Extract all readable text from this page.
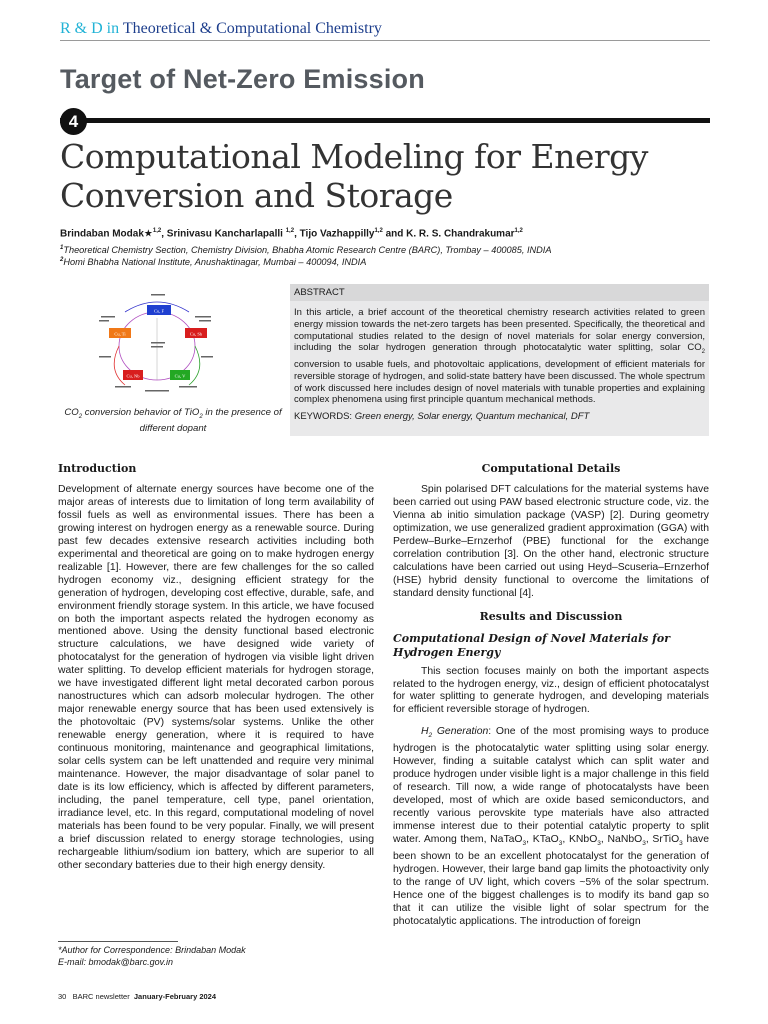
R & D in Theoretical & Computational Chemistry
Target of Net-Zero Emission
4
Computational Modeling for Energy
Conversion and Storage
Brindaban Modak★$^{1,2}$, Srinivasu Kancharlapalli $^{1,2}$, Tijo Vazhappilly$^{1,2}$ and K. R. S. Chandrakumar$^{1,2}$
$^1$Theoretical Chemistry Section, Chemistry Division, Bhabha Atomic Research Centre (BARC), Trombay – 400085, INDIA
$^2$Homi Bhabha National Institute, Anushaktinagar, Mumbai – 400094, INDIA
Cu, F
Cu, Ti	Cu, Sb
Cu, Nb	Cu, V
$CO_2$ conversion behavior of TiO$_2$ in the presence of different dopant
ABSTRACT
In this article, a brief account of the theoretical chemistry research activities related to green energy mission towards the net-zero targets has been presented. Specifically, the theoretical and computational studies related to the design of novel materials for solar energy conversion, including the solar hydrogen generation through photocatalytic water splitting, solar $CO_2$ conversion to usable fuels, and photovoltaic applications, development of efficient materials for reversible storage of hydrogen, and solid-state battery have been discussed. The whole spectrum of work discussed here includes design of novel materials with tunable properties and explaining complex phenomena using first principle quantum mechanical methods.
KEYWORDS: Green energy, Solar energy, Quantum mechanical, DFT
Introduction

Development of alternate energy sources have become one of the major areas of interests due to limitation of long term availability of fossil fuels as well as environmental issues. There has been a growing interest on hydrogen energy as a renewable source. During past few decades extensive research activities including both experimental and theoretical are going on to make hydrogen energy realizable [1]. However, there are few challenges for the so called hydrogen economy viz., designing efficient strategy for the generation of hydrogen, developing cost effective, durable, safe, and environment friendly storage system. In this article, we have focused on both the important aspects related the hydrogen economy as mentioned above. Using the density functional based electronic structure calculations, we have designed wide variety of photocatalyst for the generation of hydrogen via visible light driven water splitting. To develop efficient materials for hydrogen storage, we have investigated different light metal decorated carbon porous nanostructures which can adsorb molecular hydrogen. The other major renewable energy source that has been used extensively is the photovoltaic (PV) systems/solar systems. Unlike the other renewable energy generation, where it is required to have continuous monitoring, maintenance and geographical limitations, solar cells system can be left unattended and require very minimal maintenance. However, the major disadvantage of solar panel to date is its low efficiency, which is affected by different parameters, including, the panel temperature, cell type, panel orientation, irradiance level, etc. In this regard, computational modeling of novel materials has been found to be very popular. Finally, we will present a brief discussion related to energy storage technologies, using rechargeable lithium/sodium ion battery, which are superior to all other secondary batteries due to their high energy density.

Computational Details

Spin polarised DFT calculations for the material systems have been carried out using PAW based electronic structure code, viz. the Vienna ab initio simulation package (VASP) [2]. During geometry optimization, we use generalized gradient approximation (GGA) with Perdew–Burke–Ernzerhof (PBE) functional for the exchange correlation contribution [3]. On the other hand, electronic structure calculations have been carried out using Heyd–Scuseria–Ernzerhof (HSE) hybrid density functional to overcome the limitations of standard density functional [4].

Results and Discussion
Computational Design of Novel Materials for Hydrogen Energy

This section focuses mainly on both the important aspects related to the hydrogen energy, viz., design of efficient photocatalyst for water splitting to generate hydrogen, and developing materials for efficient reversible storage of hydrogen.

$H_2$ Generation: One of the most promising ways to produce hydrogen is the photocatalytic water splitting using solar energy. However, finding a suitable catalyst which can split water and produce hydrogen under visible light is a major challenge in this field of research. Till now, a wide range of photocatalysts have been developed, most of which are oxide based semiconductors, and recently various perovskite type materials have also attracted immense interest due to their potential catalytic property to split water. Among them, NaTaO$_3$, KTaO$_3$, KNbO$_3$, NaNbO$_3$, SrTiO$_3$ have been shown to be an excellent photocatalyst for the generation of hydrogen. However, their large band gap limits the photoactivity only to the range of UV light, which covers ~5% of the solar spectrum. Hence one of the biggest challenges is to modify its band gap so that it can utilize the visible light of solar spectrum for the photocatalytic applications. The introduction of foreign

*Author for Correspondence: Brindaban Modak
E-mail: bmodak@barc.gov.in
30 BARC newsletter January-February 2024
